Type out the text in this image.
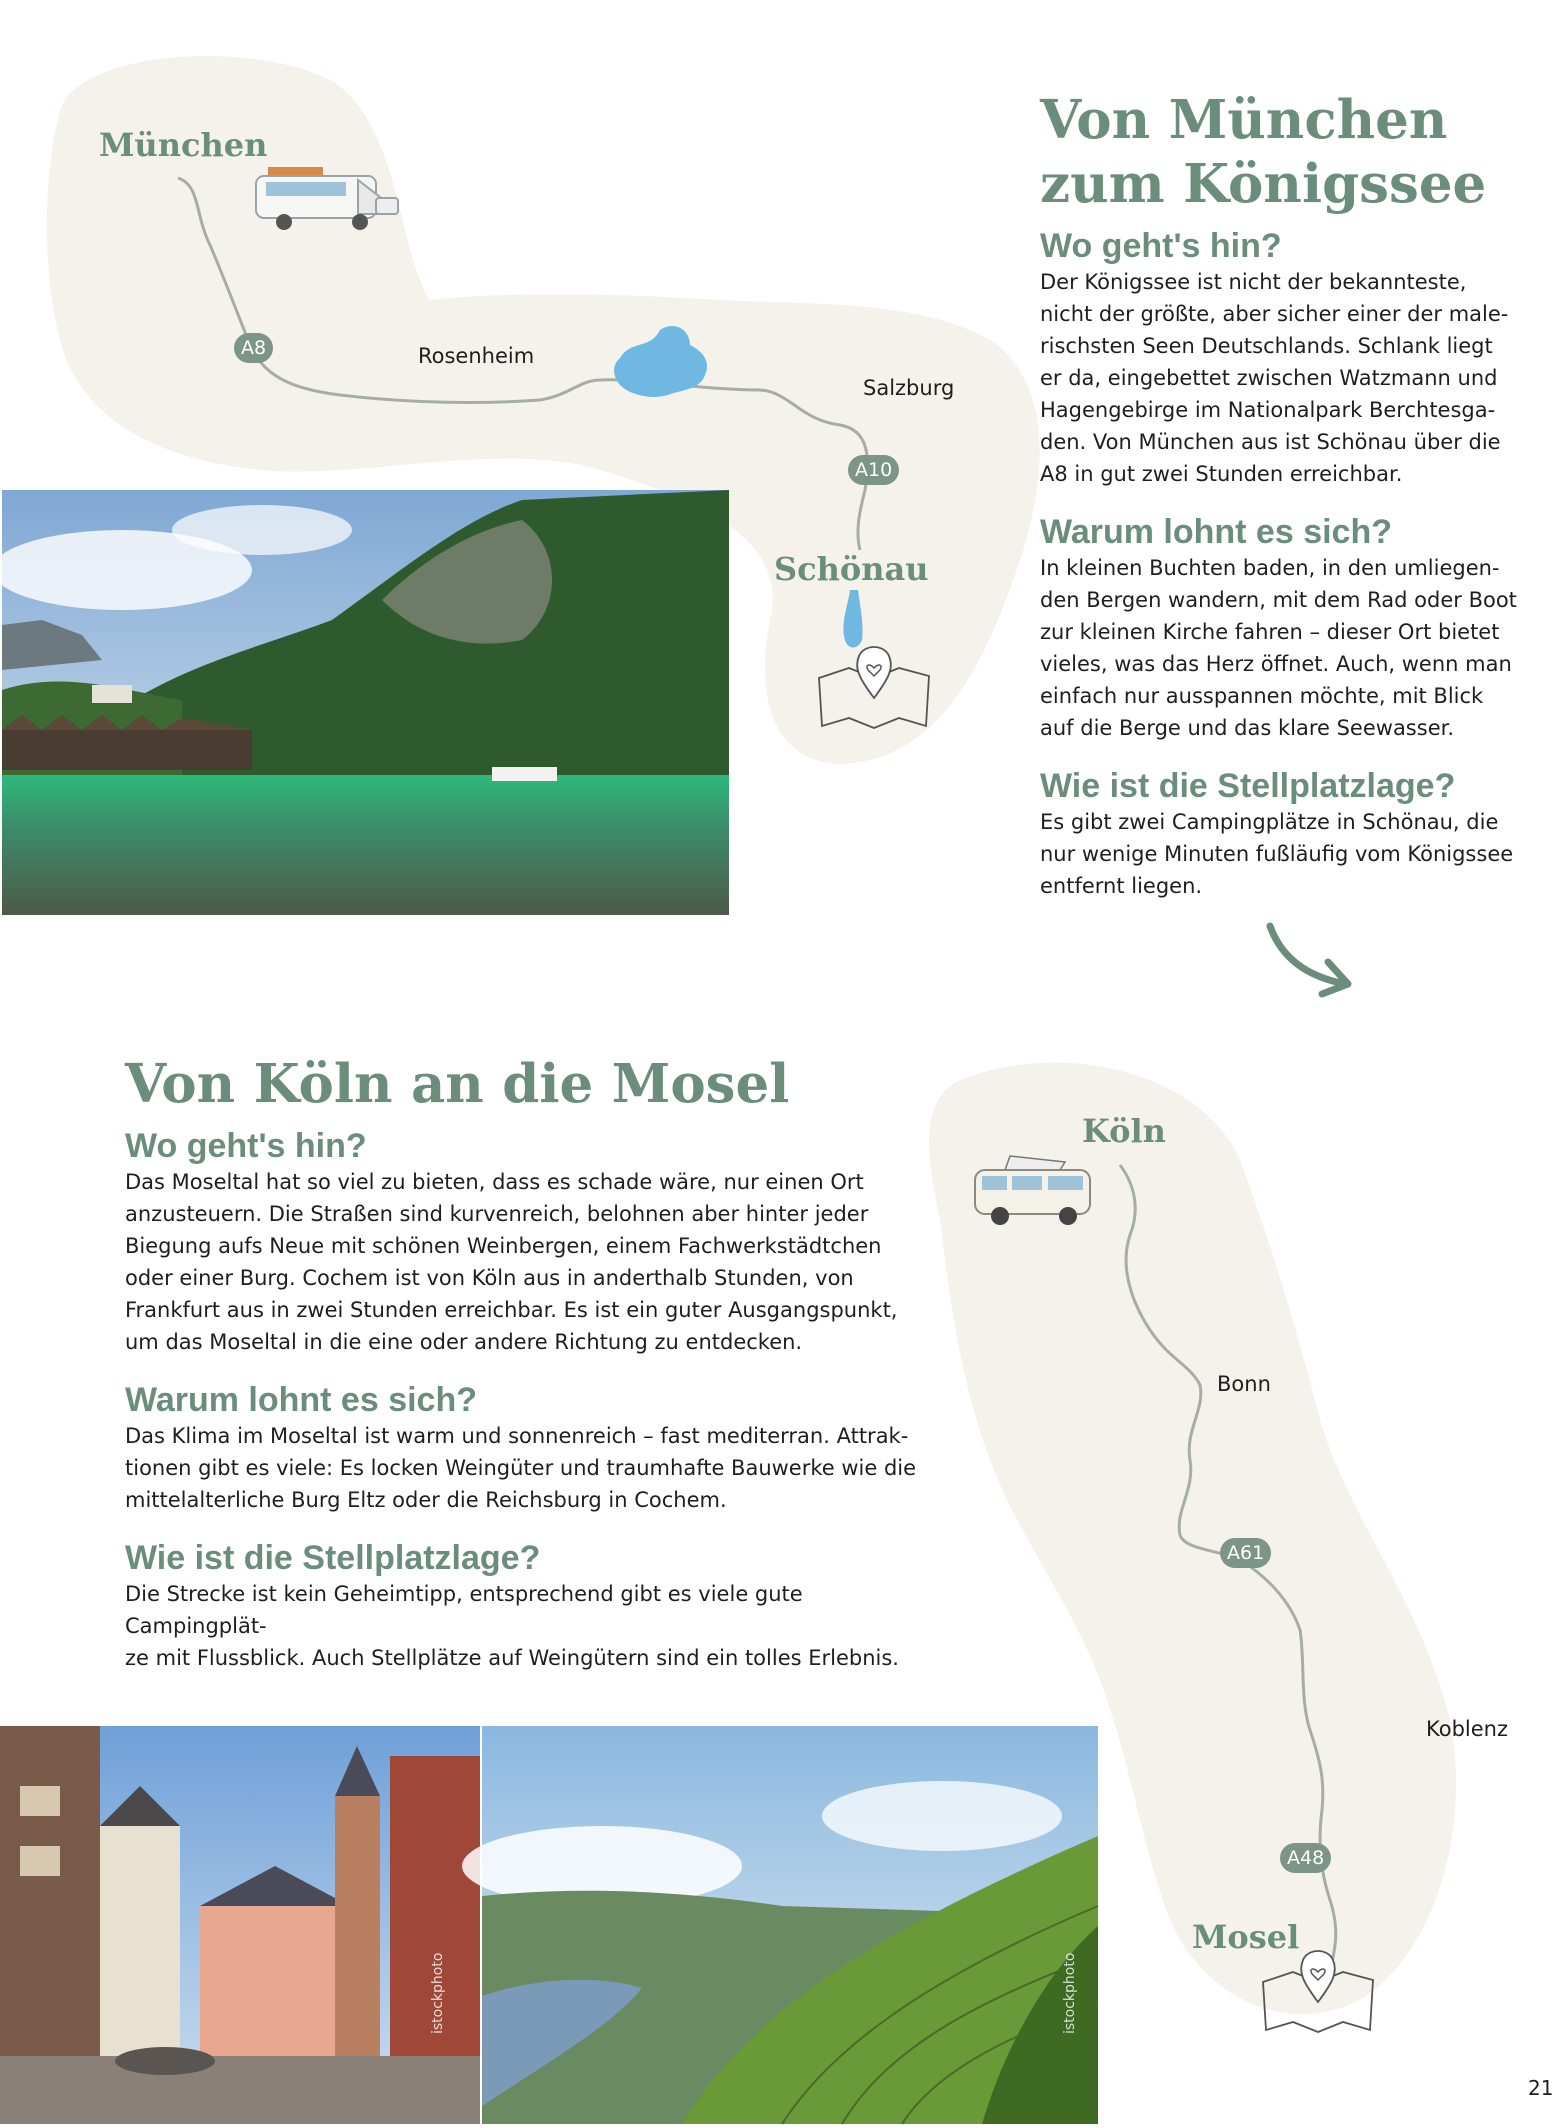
München
Schönau
Rosenheim
Salzburg
A8
A10
Köln
Mosel
Bonn
Koblenz
A61
A48
istockphoto	istockphoto
Von München
zum Königssee
Wo geht's hin?

Der Königssee ist nicht der bekannteste,
nicht der größte, aber sicher einer der male-
rischsten Seen Deutschlands. Schlank liegt
er da, eingebettet zwischen Watzmann und
Hagengebirge im Nationalpark Berchtesga-
den. Von München aus ist Schönau über die
A8 in gut zwei Stunden erreichbar.

Warum lohnt es sich?

In kleinen Buchten baden, in den umliegen-
den Bergen wandern, mit dem Rad oder Boot
zur kleinen Kirche fahren – dieser Ort bietet
vieles, was das Herz öffnet. Auch, wenn man
einfach nur ausspannen möchte, mit Blick
auf die Berge und das klare Seewasser.

Wie ist die Stellplatzlage?

Es gibt zwei Campingplätze in Schönau, die
nur wenige Minuten fußläufig vom Königssee
entfernt liegen.

Von Köln an die Mosel
Wo geht's hin?

Das Moseltal hat so viel zu bieten, dass es schade wäre, nur einen Ort
anzusteuern. Die Straßen sind kurvenreich, belohnen aber hinter jeder
Biegung aufs Neue mit schönen Weinbergen, einem Fachwerkstädtchen
oder einer Burg. Cochem ist von Köln aus in anderthalb Stunden, von
Frankfurt aus in zwei Stunden erreichbar. Es ist ein guter Ausgangspunkt,
um das Moseltal in die eine oder andere Richtung zu entdecken.

Warum lohnt es sich?

Das Klima im Moseltal ist warm und sonnenreich – fast mediterran. Attrak-
tionen gibt es viele: Es locken Weingüter und traumhafte Bauwerke wie die
mittelalterliche Burg Eltz oder die Reichsburg in Cochem.

Wie ist die Stellplatzlage?

Die Strecke ist kein Geheimtipp, entsprechend gibt es viele gute Campingplät-
ze mit Flussblick. Auch Stellplätze auf Weingütern sind ein tolles Erlebnis.

21
